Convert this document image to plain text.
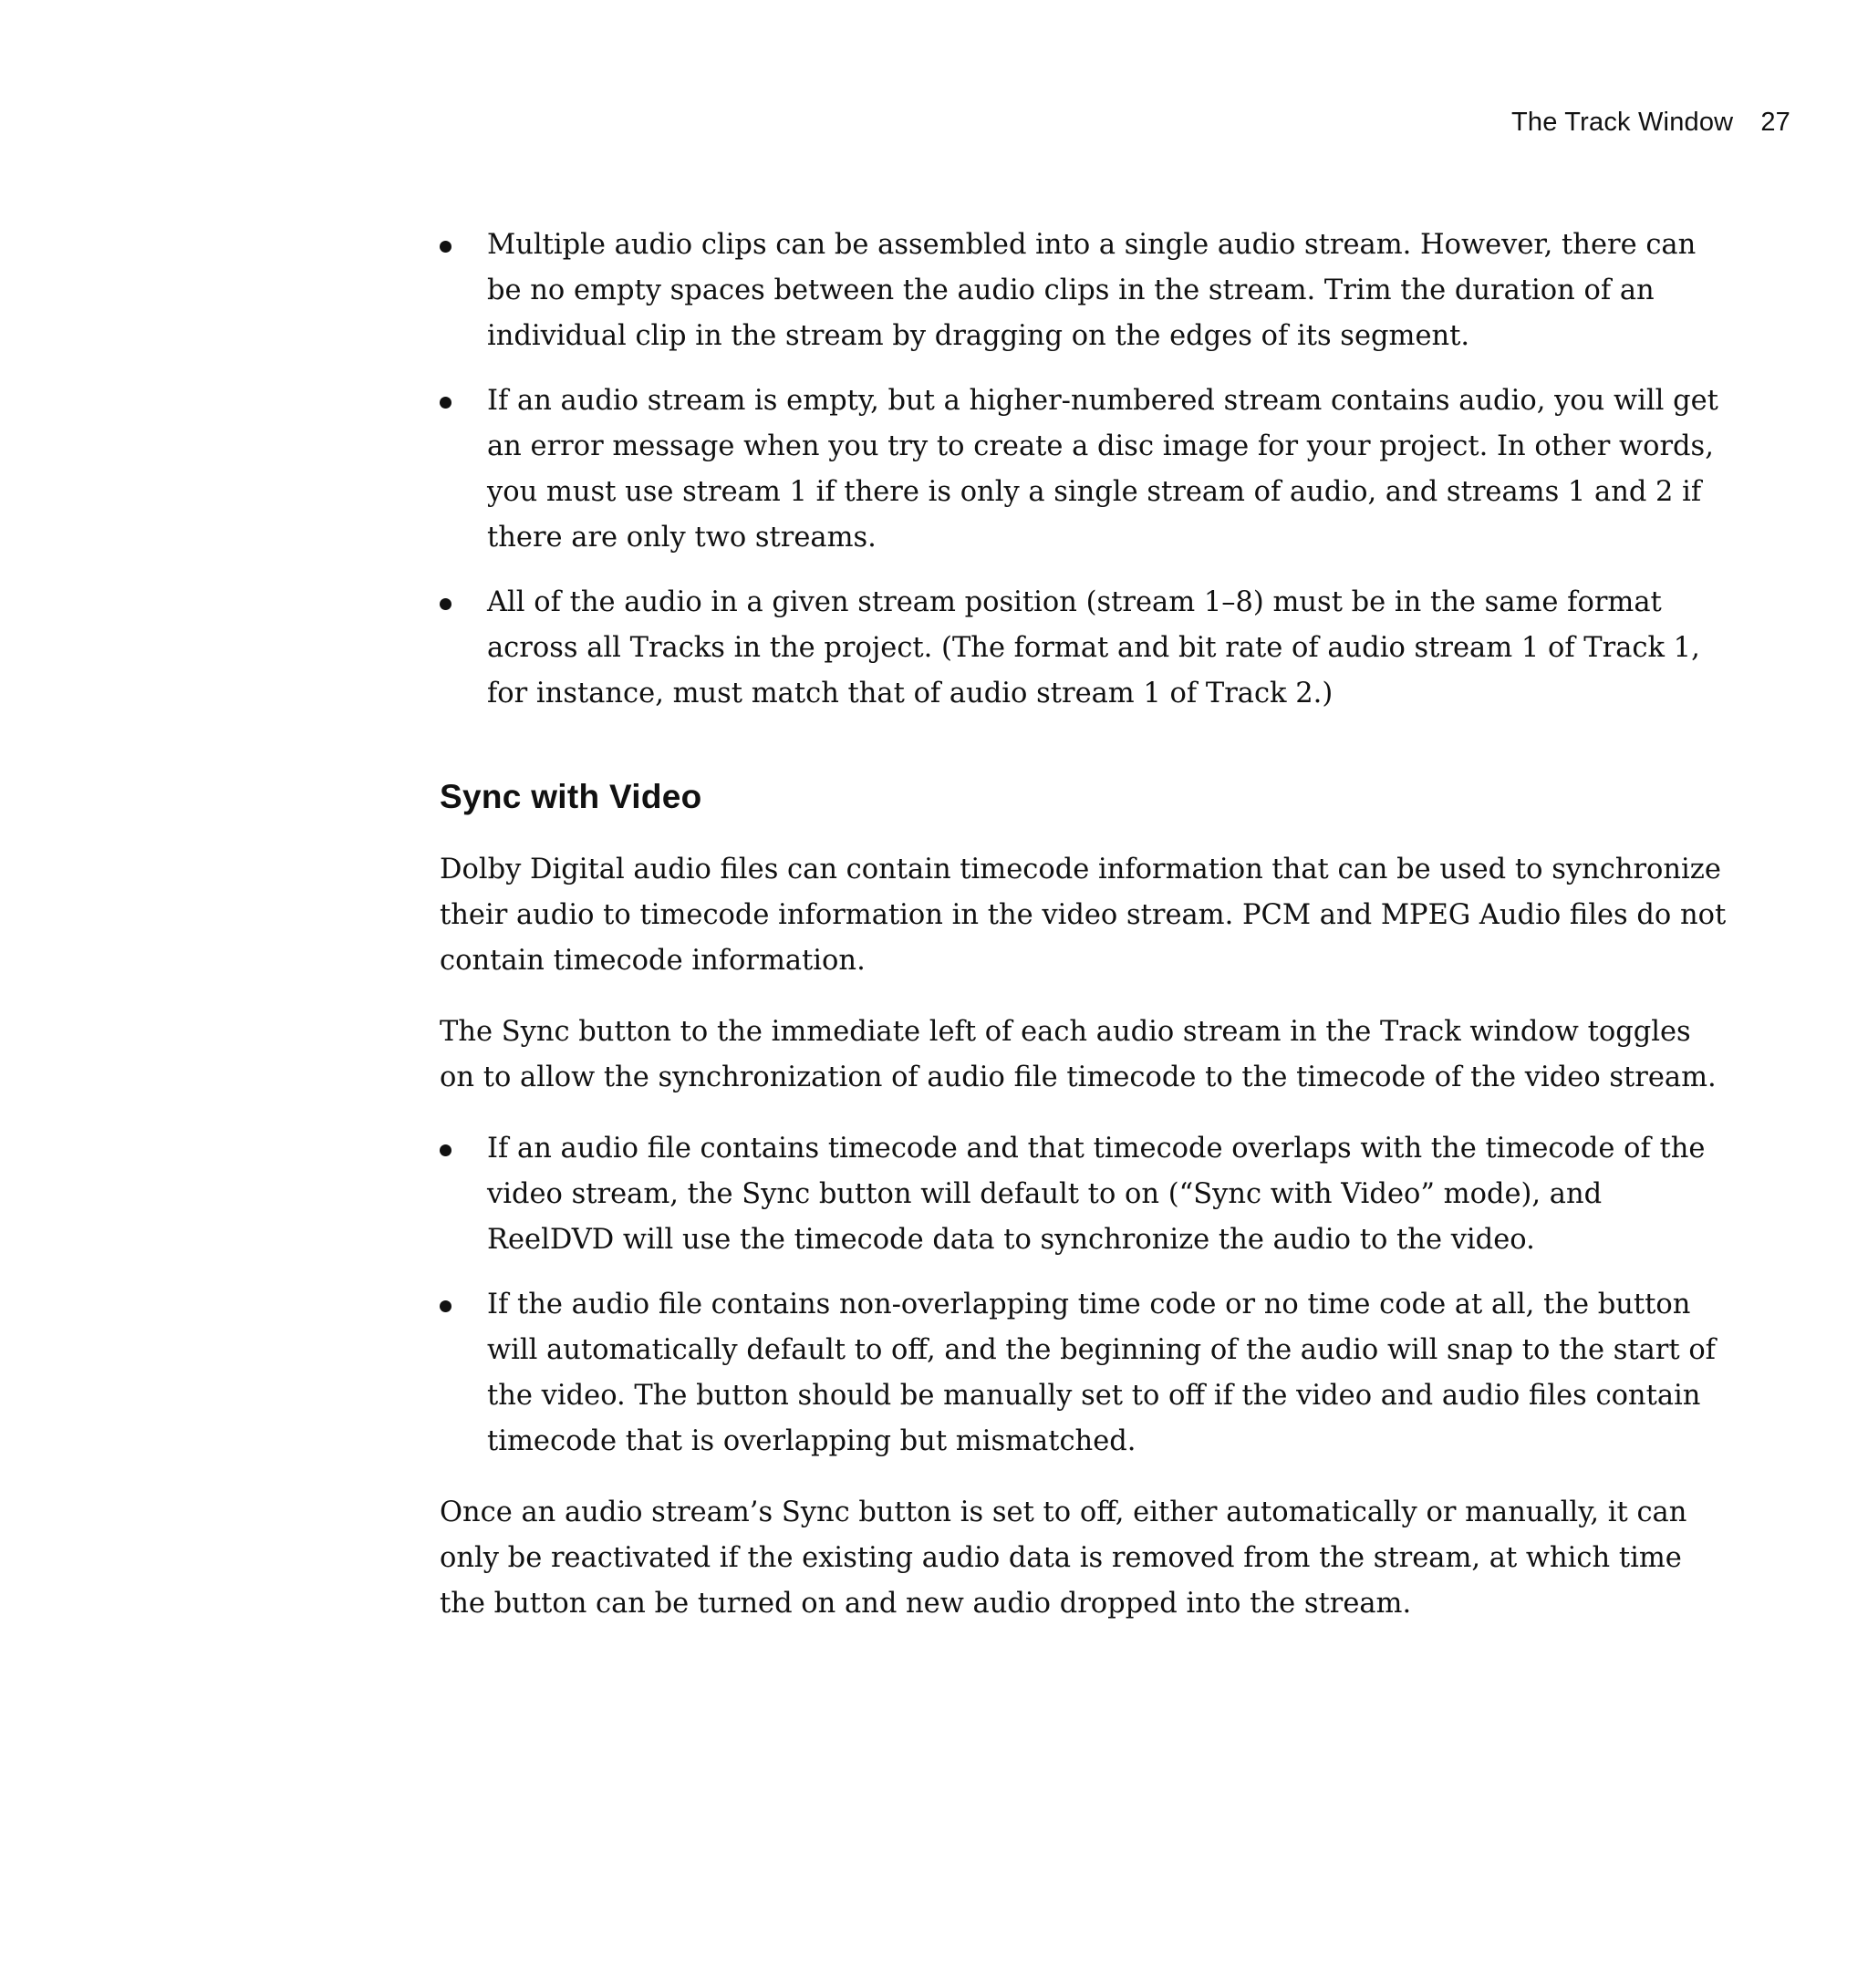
The Track Window 27
Multiple audio clips can be assembled into a single audio stream. However, there can be no empty spaces between the audio clips in the stream. Trim the duration of an individual clip in the stream by dragging on the edges of its segment.
If an audio stream is empty, but a higher-numbered stream contains audio, you will get an error message when you try to create a disc image for your project. In other words, you must use stream 1 if there is only a single stream of audio, and streams 1 and 2 if there are only two streams.
All of the audio in a given stream position (stream 1–8) must be in the same format across all Tracks in the project. (The format and bit rate of audio stream 1 of Track 1, for instance, must match that of audio stream 1 of Track 2.)
Sync with Video

Dolby Digital audio files can contain timecode information that can be used to synchronize their audio to timecode information in the video stream. PCM and MPEG Audio files do not contain timecode information.

The Sync button to the immediate left of each audio stream in the Track window toggles on to allow the synchronization of audio file timecode to the timecode of the video stream.

If an audio file contains timecode and that timecode overlaps with the timecode of the video stream, the Sync button will default to on (“Sync with Video” mode), and ReelDVD will use the timecode data to synchronize the audio to the video.
If the audio file contains non-overlapping time code or no time code at all, the button will automatically default to off, and the beginning of the audio will snap to the start of the video. The button should be manually set to off if the video and audio files contain timecode that is overlapping but mismatched.

Once an audio stream’s Sync button is set to off, either automatically or manually, it can only be reactivated if the existing audio data is removed from the stream, at which time the button can be turned on and new audio dropped into the stream.
